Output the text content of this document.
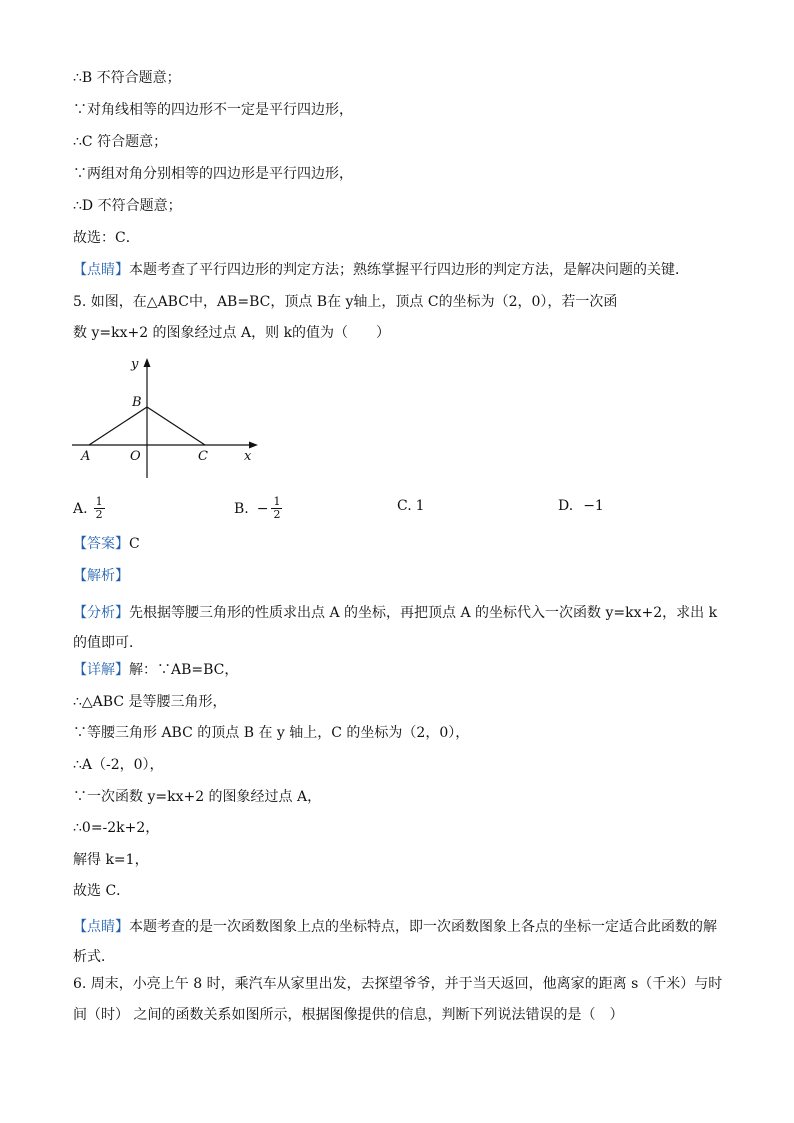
∴B 不符合题意；
∵对角线相等的四边形不一定是平行四边形，
∴C 符合题意；
∵两组对角分别相等的四边形是平行四边形，
∴D 不符合题意；
故选：C．
【点睛】本题考查了平行四边形的判定方法；熟练掌握平行四边形的判定方法，是解决问题的关键．
5. 如图，在△ABC中，AB=BC，顶点 B在 y轴上，顶点 C的坐标为（2，0），若一次函
数 y=kx+2 的图象经过点 A，则 k的值为（　　）
y
B
A	O	C	x
A. $\frac{1}{2}$	B. − $\frac{1}{2}$	C. 1	D. −1
【答案】C
【解析】
【分析】先根据等腰三角形的性质求出点 A 的坐标，再把顶点 A 的坐标代入一次函数 y=kx+2，求出 k 的值即可．
【详解】解：∵AB=BC，
∴△ABC 是等腰三角形，
∵等腰三角形 ABC 的顶点 B 在 y 轴上，C 的坐标为（2，0），
∴A（-2，0），
∵一次函数 y=kx+2 的图象经过点 A，
∴0=-2k+2，
解得 k=1，
故选 C．
【点睛】本题考查的是一次函数图象上点的坐标特点，即一次函数图象上各点的坐标一定适合此函数的解析式．
6. 周末，小亮上午 8 时，乘汽车从家里出发，去探望爷爷，并于当天返回，他离家的距离 s（千米）与时
间（时） 之间的函数关系如图所示，根据图像提供的信息，判断下列说法错误的是（　）
